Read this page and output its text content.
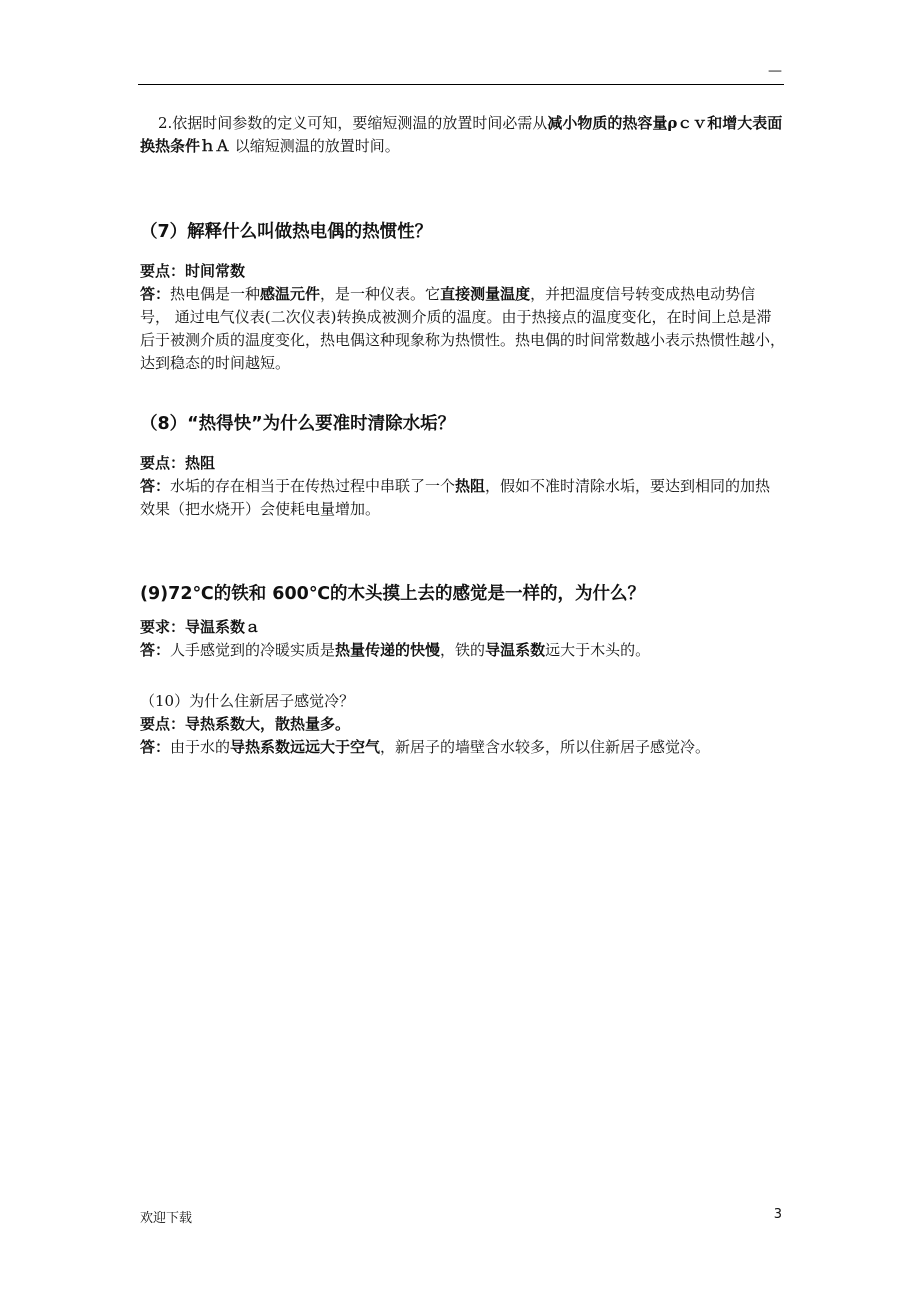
—

2.依据时间参数的定义可知，要缩短测温的放置时间必需从减小物质的热容量ρｃｖ和增大表面换热条件ｈＡ 以缩短测温的放置时间。

（7）解释什么叫做热电偶的热惯性？

要点：时间常数

答：热电偶是一种感温元件，是一种仪表。它直接测量温度，并把温度信号转变成热电动势信号， 通过电气仪表(二次仪表)转换成被测介质的温度。由于热接点的温度变化，在时间上总是滞后于被测介质的温度变化，热电偶这种现象称为热惯性。热电偶的时间常数越小表示热惯性越小，达到稳态的时间越短。

（8）“热得快”为什么要准时清除水垢？

要点：热阻

答：水垢的存在相当于在传热过程中串联了一个热阻，假如不准时清除水垢，要达到相同的加热效果（把水烧开）会使耗电量增加。

(9)72℃的铁和 600℃的木头摸上去的感觉是一样的，为什么？

要求：导温系数ａ

答：人手感觉到的冷暖实质是热量传递的快慢，铁的导温系数远大于木头的。

（10）为什么住新居子感觉冷？

要点：导热系数大，散热量多。

答：由于水的导热系数远远大于空气，新居子的墙壁含水较多，所以住新居子感觉冷。

欢迎下载	3
